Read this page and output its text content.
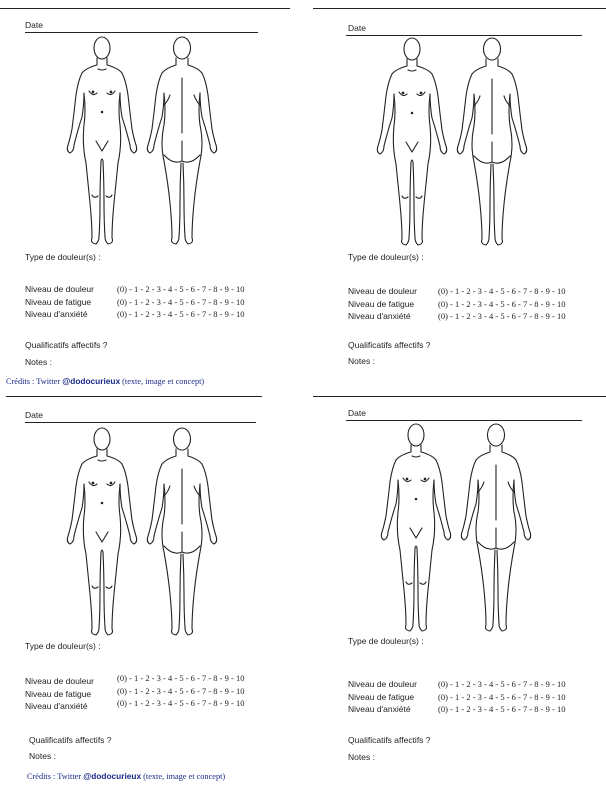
Date
Type de douleur(s) :
Niveau de douleur	(0) - 1 - 2 - 3 - 4 - 5 - 6 - 7 - 8 - 9 - 10
Niveau de fatigue	(0) - 1 - 2 - 3 - 4 - 5 - 6 - 7 - 8 - 9 - 10
Niveau d'anxiété	(0) - 1 - 2 - 3 - 4 - 5 - 6 - 7 - 8 - 9 - 10
Qualificatifs affectifs ?
Notes :
Crédits : Twitter @dodocurieux (texte, image et concept)
Date
Type de douleur(s) :
Niveau de douleur (0) - 1 - 2 - 3 - 4 - 5 - 6 - 7 - 8 - 9 - 10
Niveau de fatigue	(0) - 1 - 2 - 3 - 4 - 5 - 6 - 7 - 8 - 9 - 10
Niveau d'anxiété	(0) - 1 - 2 - 3 - 4 - 5 - 6 - 7 - 8 - 9 - 10
Qualificatifs affectifs ?
Notes :
Date
Type de douleur(s) :
Niveau de douleur	(0) - 1 - 2 - 3 - 4 - 5 - 6 - 7 - 8 - 9 - 10
Niveau de fatigue	(0) - 1 - 2 - 3 - 4 - 5 - 6 - 7 - 8 - 9 - 10
Niveau d'anxiété	(0) - 1 - 2 - 3 - 4 - 5 - 6 - 7 - 8 - 9 - 10
Qualificatifs affectifs ?
Notes :
Crédits : Twitter @dodocurieux (texte, image et concept)
Date
Type de douleur(s) :
Niveau de douleur (0) - 1 - 2 - 3 - 4 - 5 - 6 - 7 - 8 - 9 - 10
Niveau de fatigue	(0) - 1 - 2 - 3 - 4 - 5 - 6 - 7 - 8 - 9 - 10
Niveau d'anxiété	(0) - 1 - 2 - 3 - 4 - 5 - 6 - 7 - 8 - 9 - 10
Qualificatifs affectifs ?
Notes :
